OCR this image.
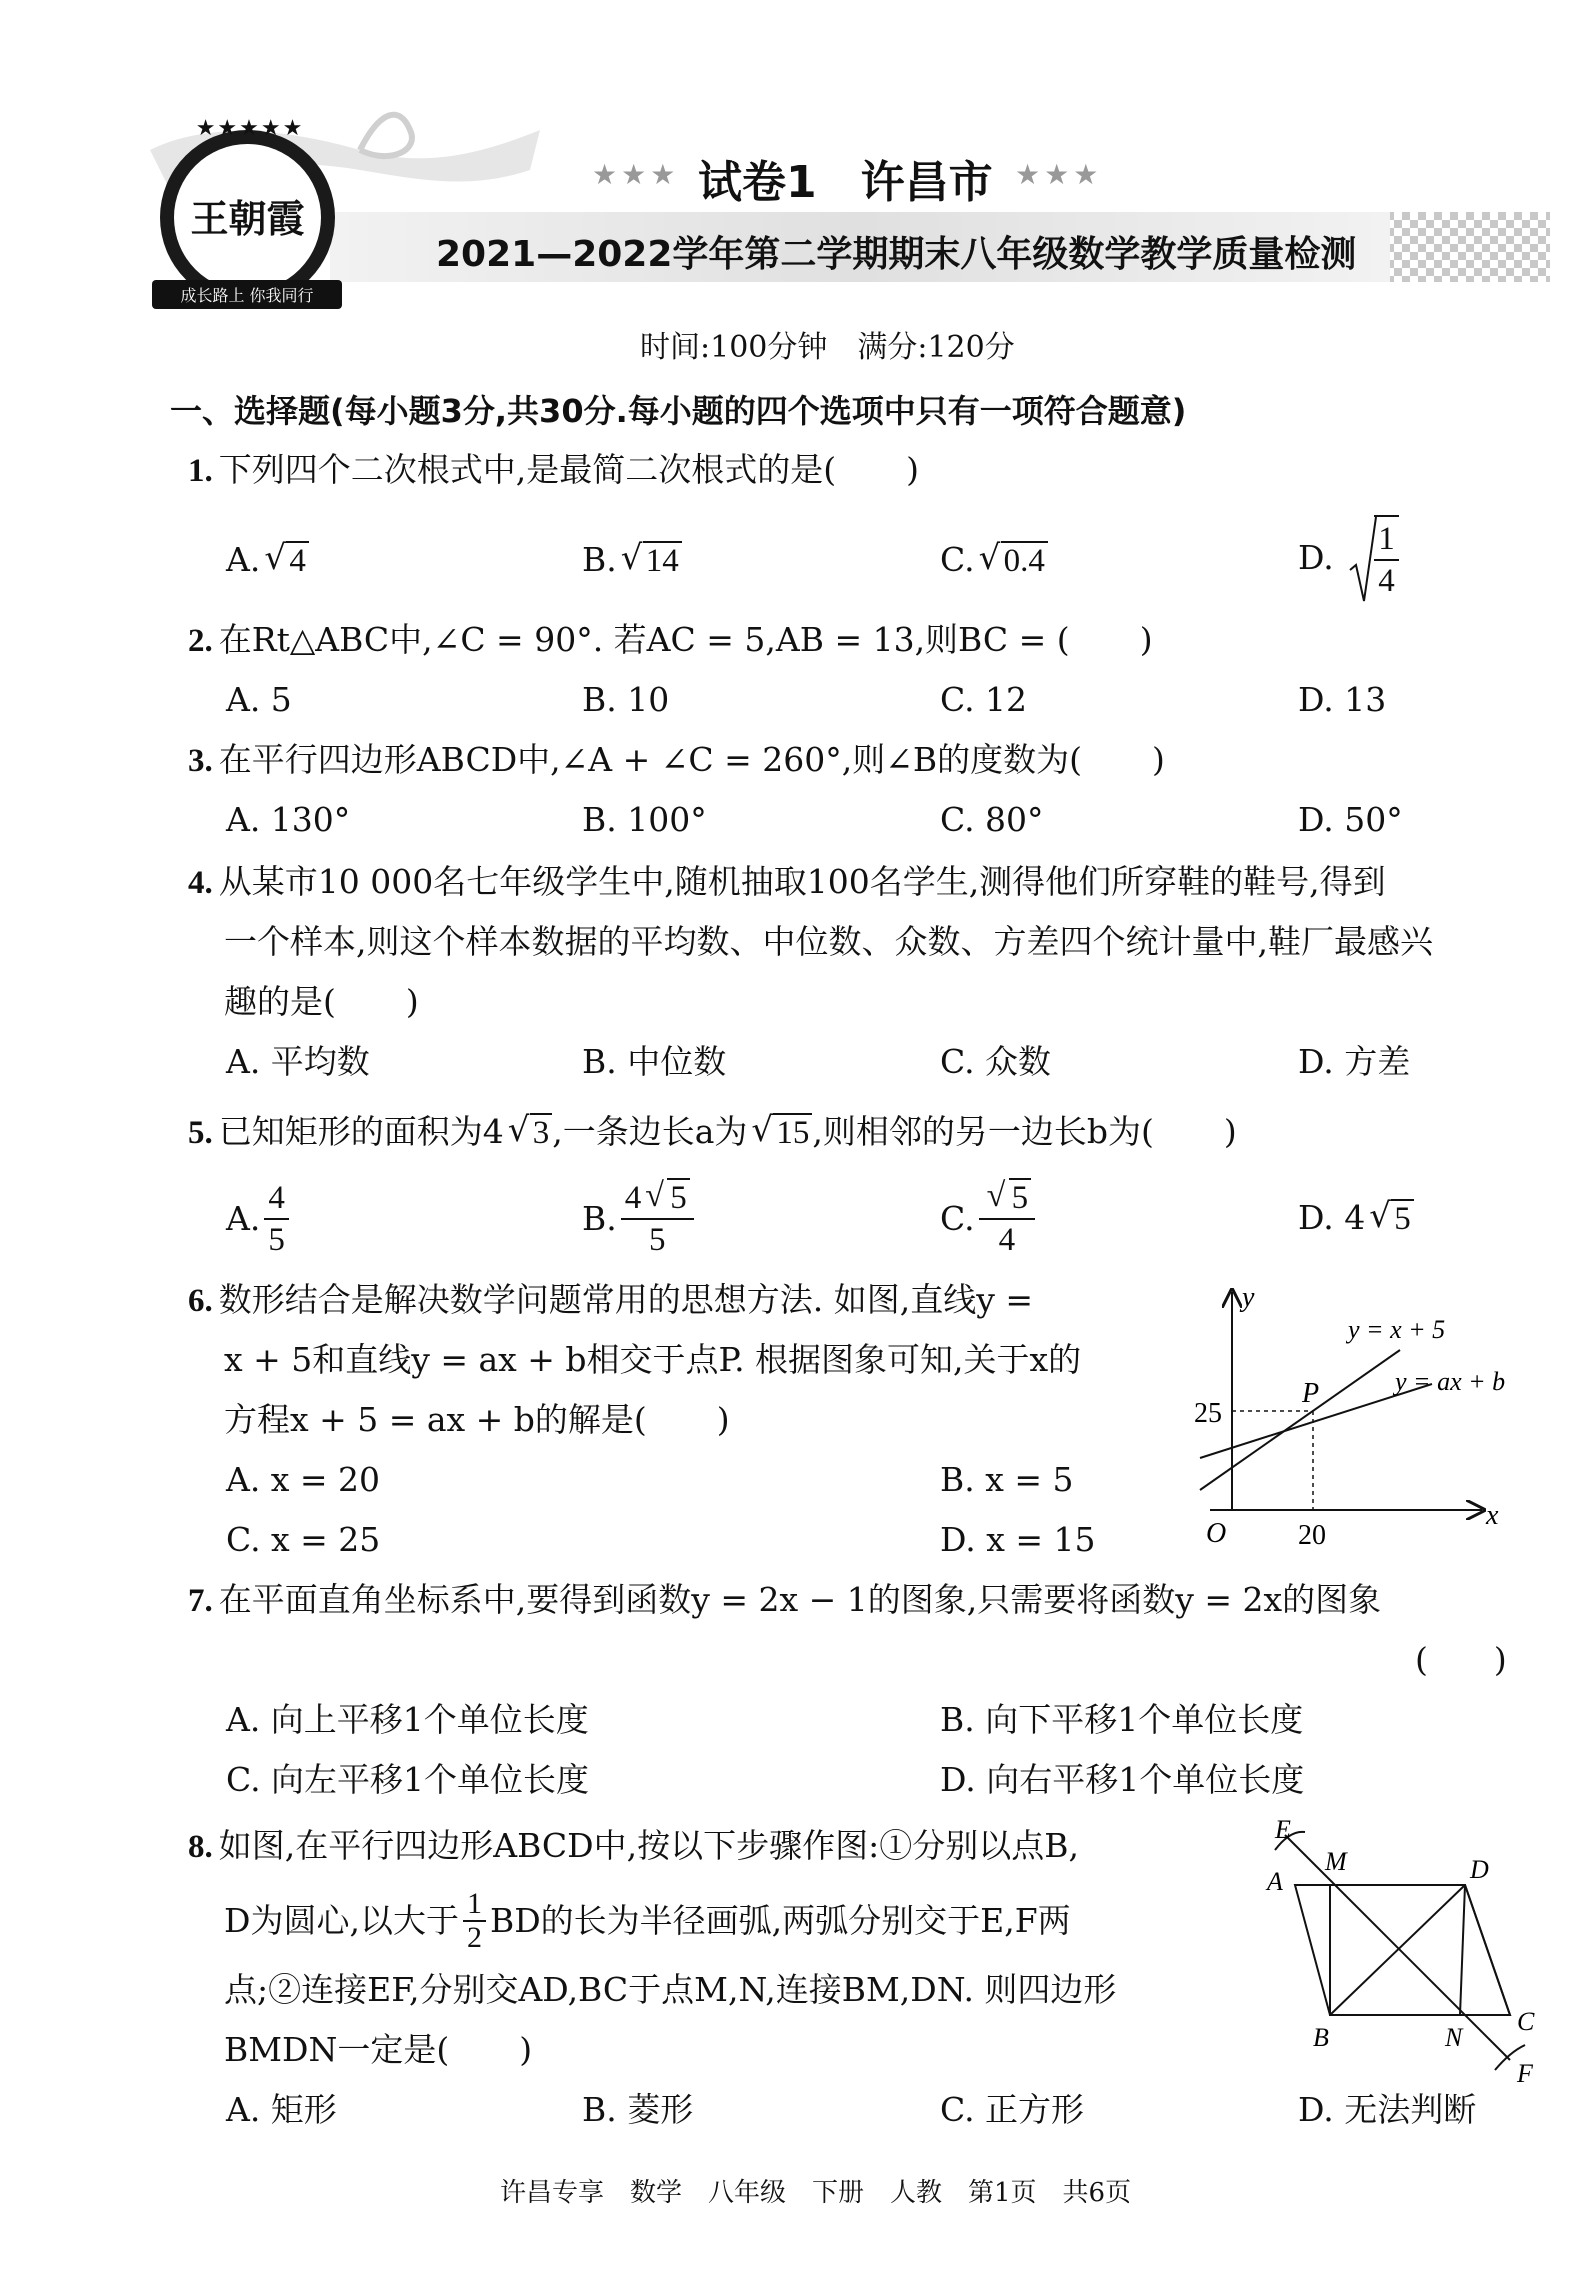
★★★★★
王朝霞
成长路上 你我同行
★★★ 试卷1　许昌市 ★★★
2021—2022学年第二学期期末八年级数学教学质量检测
时间:100分钟　满分:120分
一、选择题(每小题3分,共30分.每小题的四个选项中只有一项符合题意)
1. 下列四个二次根式中,是最简二次根式的是( )
A. √ 4	B. √ 14	C. √ 0.4	D. $\frac{1}{4}$
2. 在Rt△ABC中,∠C = 90°. 若AC = 5,AB = 13,则BC = ( )
A. 5	B. 10	C. 12	D. 13
3. 在平行四边形ABCD中,∠A + ∠C = 260°,则∠B的度数为( )
A. 130°	B. 100°	C. 80°	D. 50°
4. 从某市10 000名七年级学生中,随机抽取100名学生,测得他们所穿鞋的鞋号,得到
一个样本,则这个样本数据的平均数、中位数、众数、方差四个统计量中,鞋厂最感兴
趣的是( )
A. 平均数	B. 中位数	C. 众数	D. 方差
5. 已知矩形的面积为4 √ 3,一条边长a为 √ 15,则相邻的另一边长b为( )
A. $\frac{4}{5}$	B. $\frac{4 √ 5}{5}$	C. √ $\frac{5}{4}$	D. 4 √ 5
6. 数形结合是解决数学问题常用的思想方法. 如图,直线y =
x + 5和直线y = ax + b相交于点P. 根据图象可知,关于x的
方程x + 5 = ax + b的解是( )
A. x = 20	B. x = 5
C. x = 25	D. x = 15
y
x
O
y = x + 5
y = ax + b
P
25
20
7. 在平面直角坐标系中,要得到函数y = 2x − 1的图象,只需要将函数y = 2x的图象
(　　)
A. 向上平移1个单位长度	B. 向下平移1个单位长度
C. 向左平移1个单位长度	D. 向右平移1个单位长度
8. 如图,在平行四边形ABCD中,按以下步骤作图:①分别以点B,
D为圆心,以大于 $\frac{1}{2}$ BD的长为半径画弧,两弧分别交于E,F两
点;②连接EF,分别交AD,BC于点M,N,连接BM,DN. 则四边形
BMDN一定是( )
A. 矩形	B. 菱形	C. 正方形	D. 无法判断
E
A
M	D
B	N
C
F
许昌专享　数学　八年级　下册　人教　第1页　共6页
